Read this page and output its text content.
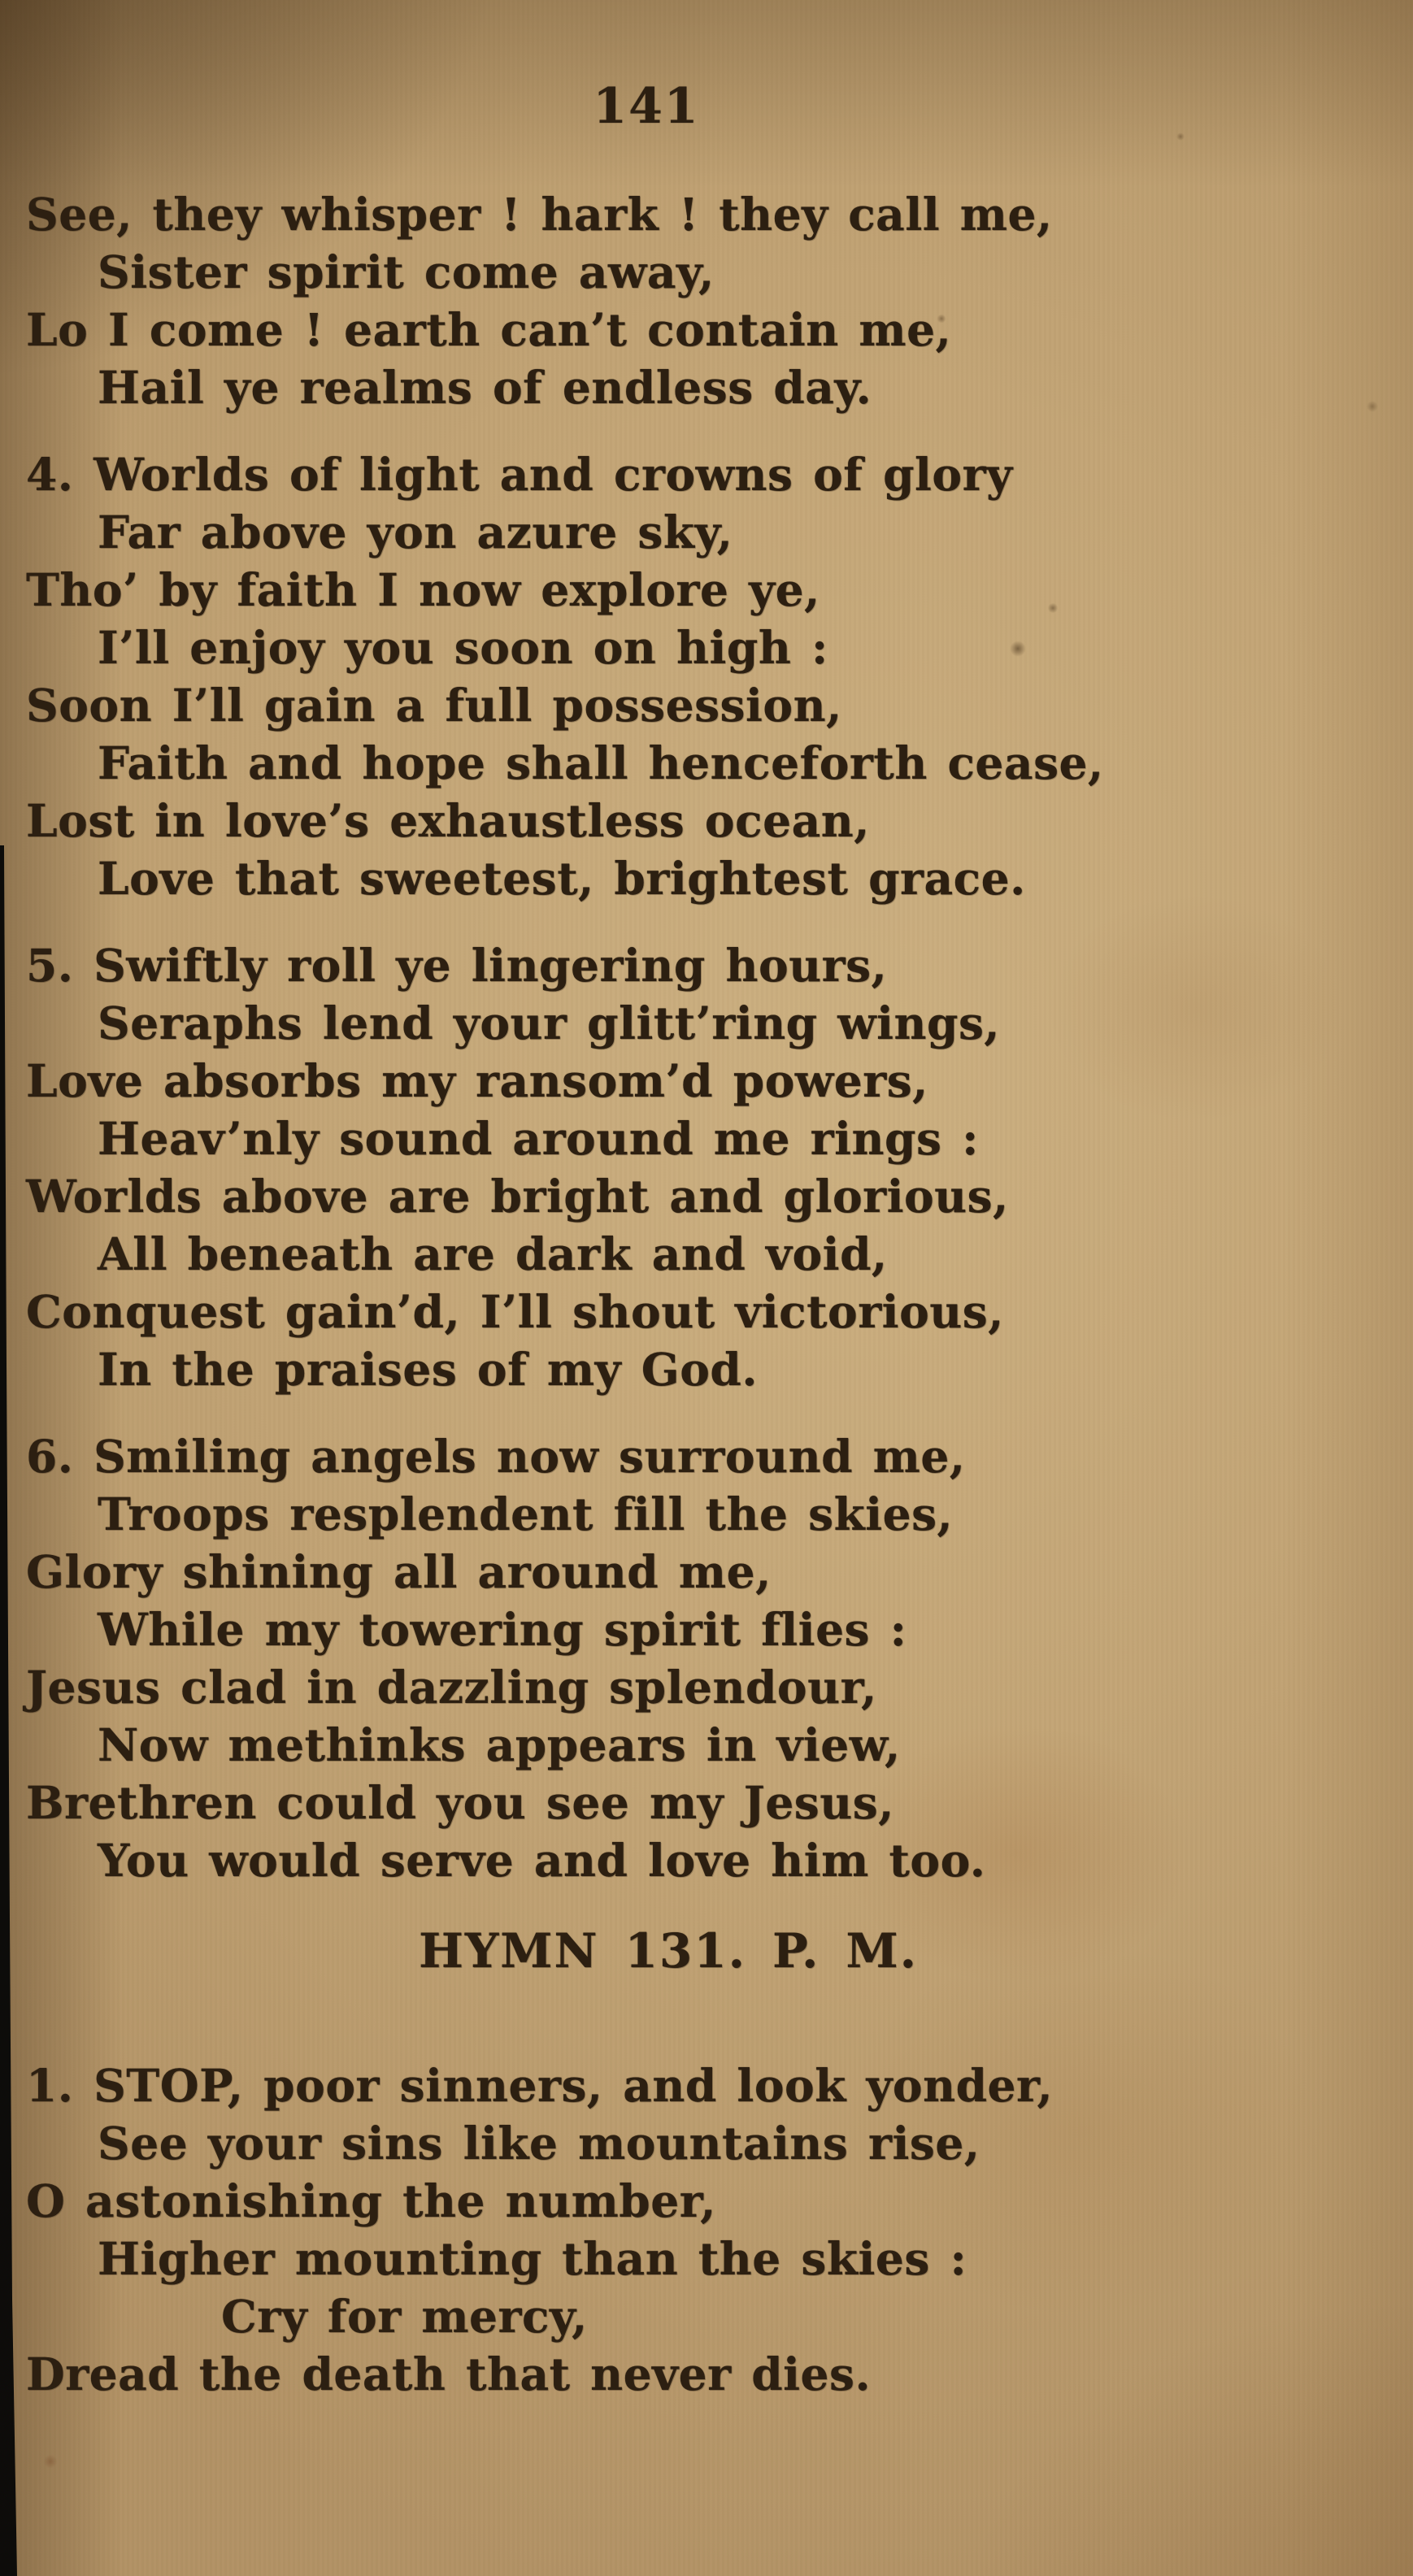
141
See, they whisper ! hark ! they call me,
Sister spirit come away,
Lo I come ! earth can’t contain me,
Hail ye realms of endless day.
4. Worlds of light and crowns of glory
Far above yon azure sky,
Tho’ by faith I now explore ye,
I’ll enjoy you soon on high :
Soon I’ll gain a full possession,
Faith and hope shall henceforth cease,
Lost in love’s exhaustless ocean,
Love that sweetest, brightest grace.
5. Swiftly roll ye lingering hours,
Seraphs lend your glitt’ring wings,
Love absorbs my ransom’d powers,
Heav’nly sound around me rings :
Worlds above are bright and glorious,
All beneath are dark and void,
Conquest gain’d, I’ll shout victorious,
In the praises of my God.
6. Smiling angels now surround me,
Troops resplendent fill the skies,
Glory shining all around me,
While my towering spirit flies :
Jesus clad in dazzling splendour,
Now methinks appears in view,
Brethren could you see my Jesus,
You would serve and love him too.
HYMN 131. P. M.
1. STOP, poor sinners, and look yonder,
See your sins like mountains rise,
O astonishing the number,
Higher mounting than the skies :
Cry for mercy,
Dread the death that never dies.
